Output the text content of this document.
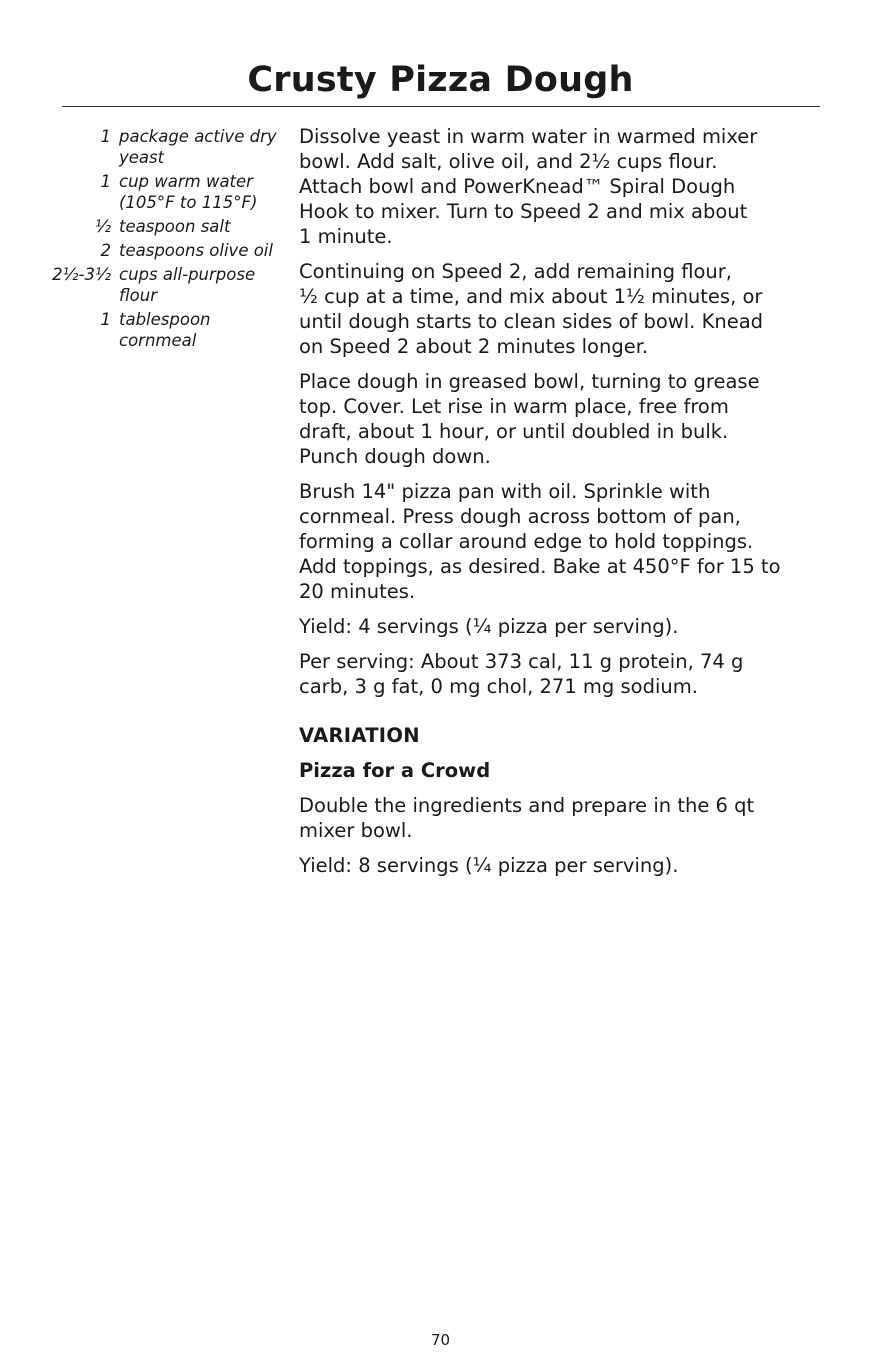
Crusty Pizza Dough
1 package active dry
yeast
1 cup warm water
(105°F to 115°F)
½ teaspoon salt
2 teaspoons olive oil
2½-3½ cups all-purpose
flour
1 tablespoon
cornmeal

Dissolve yeast in warm water in warmed mixer
bowl. Add salt, olive oil, and 2½ cups flour.
Attach bowl and PowerKnead™ Spiral Dough
Hook to mixer. Turn to Speed 2 and mix about
1 minute.

Continuing on Speed 2, add remaining flour,
½ cup at a time, and mix about 1½ minutes, or
until dough starts to clean sides of bowl. Knead
on Speed 2 about 2 minutes longer.

Place dough in greased bowl, turning to grease
top. Cover. Let rise in warm place, free from
draft, about 1 hour, or until doubled in bulk.
Punch dough down.

Brush 14" pizza pan with oil. Sprinkle with
cornmeal. Press dough across bottom of pan,
forming a collar around edge to hold toppings.
Add toppings, as desired. Bake at 450°F for 15 to
20 minutes.

Yield: 4 servings (¼ pizza per serving).

Per serving: About 373 cal, 11 g protein, 74 g
carb, 3 g fat, 0 mg chol, 271 mg sodium.

VARIATION

Pizza for a Crowd

Double the ingredients and prepare in the 6 qt
mixer bowl.

Yield: 8 servings (¼ pizza per serving).

70
